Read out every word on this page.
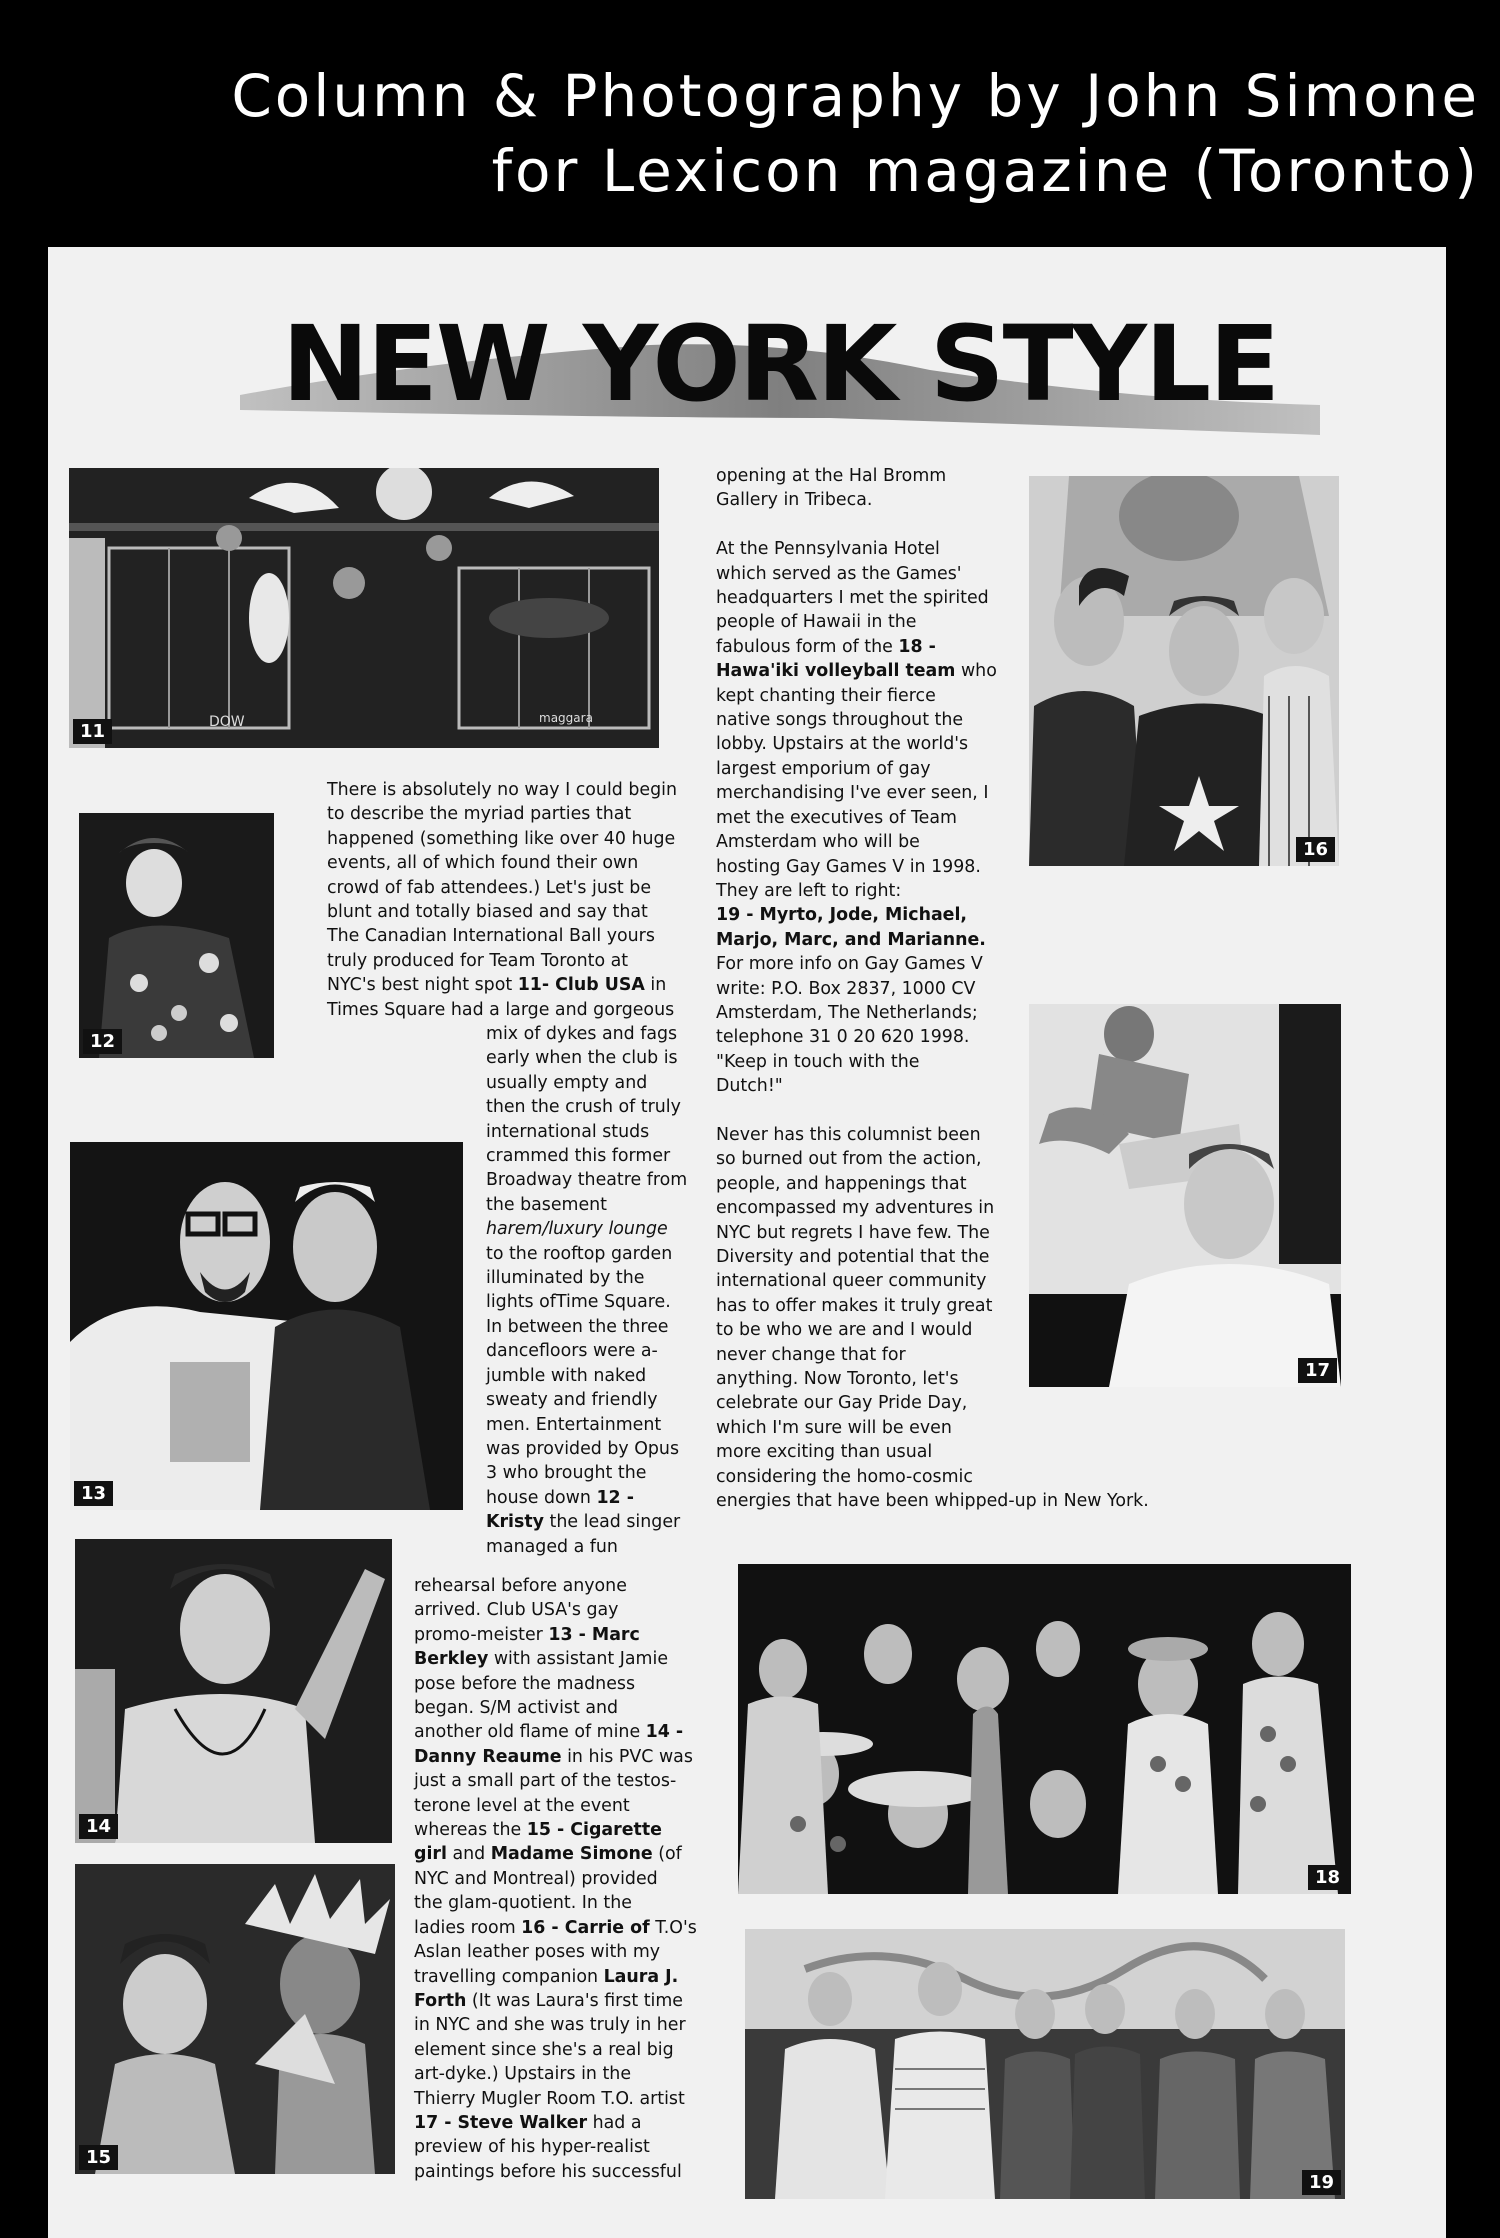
Column & Photography by John Simone
for Lexicon magazine (Toronto)
NEW YORK STYLE
DOW	maggara
11
12
13
14
15
16
17
18
19
There is absolutely no way I could begin
to describe the myriad parties that
happened (something like over 40 huge
events, all of which found their own
crowd of fab attendees.) Let's just be
blunt and totally biased and say that
The Canadian International Ball yours
truly produced for Team Toronto at
NYC's best night spot 11- Club USA in
Times Square had a large and gorgeous
mix of dykes and fags
early when the club is
usually empty and
then the crush of truly
international studs
crammed this former
Broadway theatre from
the basement
harem/luxury lounge
to the rooftop garden
illuminated by the
lights ofTime Square.
In between the three
dancefloors were a-
jumble with naked
sweaty and friendly
men. Entertainment
was provided by Opus
3 who brought the
house down 12 -
Kristy the lead singer
managed a fun
rehearsal before anyone
arrived. Club USA's gay
promo-meister 13 - Marc
Berkley with assistant Jamie
pose before the madness
began. S/M activist and
another old flame of mine 14 -
Danny Reaume in his PVC was
just a small part of the testos-
terone level at the event
whereas the 15 - Cigarette
girl and Madame Simone (of
NYC and Montreal) provided
the glam-quotient. In the
ladies room 16 - Carrie of T.O's
Aslan leather poses with my
travelling companion Laura J.
Forth (It was Laura's first time
in NYC and she was truly in her
element since she's a real big
art-dyke.) Upstairs in the
Thierry Mugler Room T.O. artist
17 - Steve Walker had a
preview of his hyper-realist
paintings before his successful
opening at the Hal Bromm
Gallery in Tribeca.

At the Pennsylvania Hotel
which served as the Games'
headquarters I met the spirited
people of Hawaii in the
fabulous form of the 18 -
Hawa'iki volleyball team who
kept chanting their fierce
native songs throughout the
lobby. Upstairs at the world's
largest emporium of gay
merchandising I've ever seen, I
met the executives of Team
Amsterdam who will be
hosting Gay Games V in 1998.
They are left to right:
19 - Myrto, Jode, Michael,
Marjo, Marc, and Marianne.
For more info on Gay Games V
write: P.O. Box 2837, 1000 CV
Amsterdam, The Netherlands;
telephone 31 0 20 620 1998.
"Keep in touch with the
Dutch!"

Never has this columnist been
so burned out from the action,
people, and happenings that
encompassed my adventures in
NYC but regrets I have few. The
Diversity and potential that the
international queer community
has to offer makes it truly great
to be who we are and I would
never change that for
anything. Now Toronto, let's
celebrate our Gay Pride Day,
which I'm sure will be even
more exciting than usual
considering the homo-cosmic
energies that have been whipped-up in New York.
